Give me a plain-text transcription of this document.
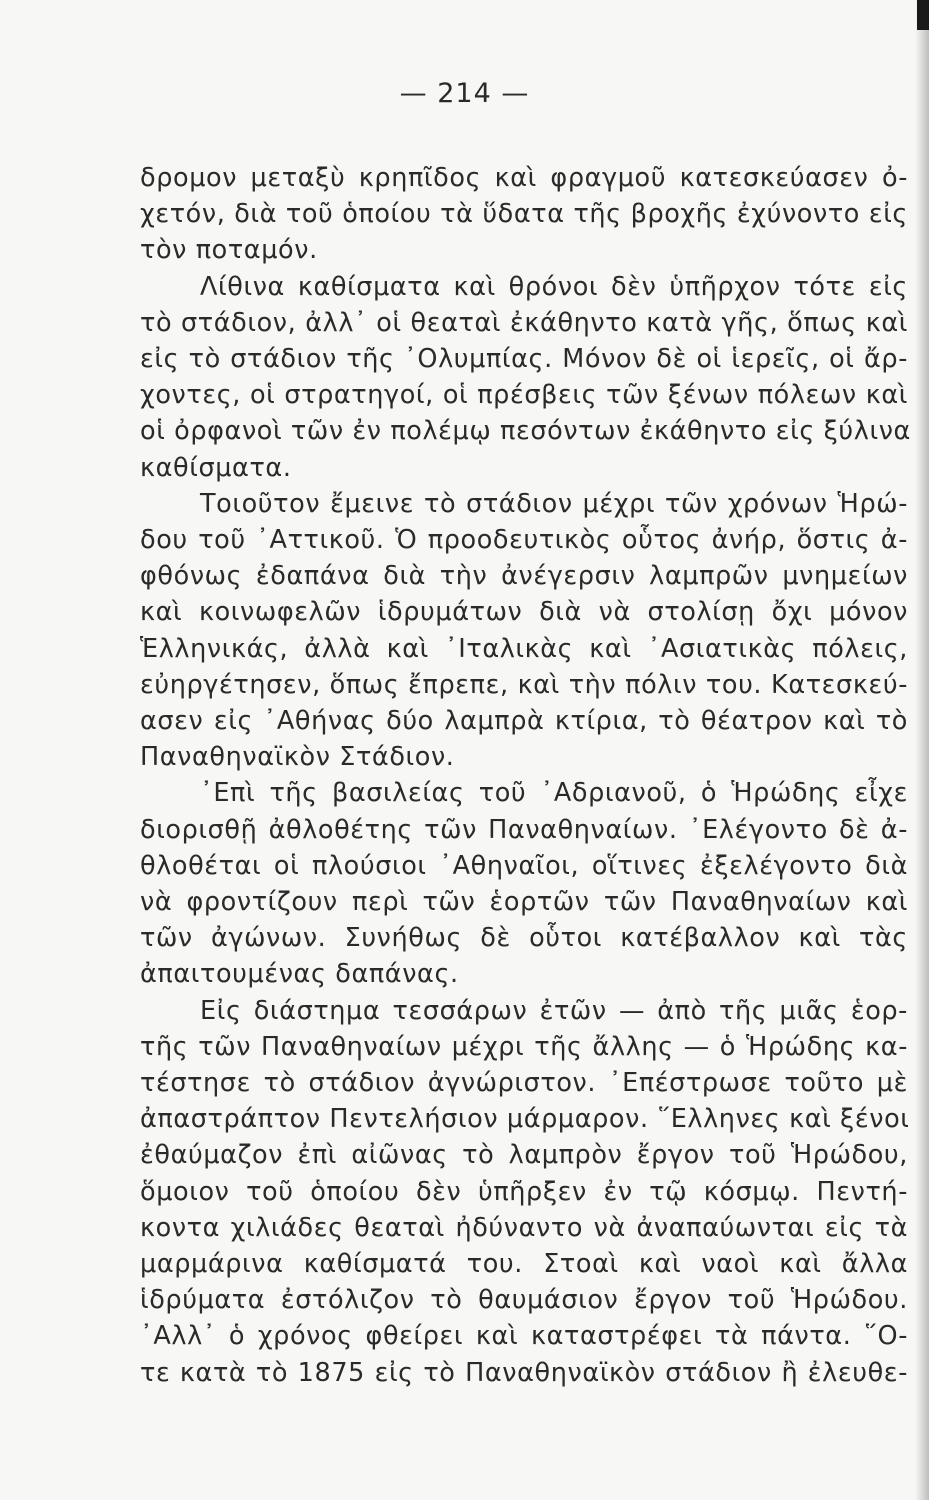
— 214 —
δρομον μεταξὺ κρηπῖδος καὶ φραγμοῦ κατεσκεύασεν ὀ-
χετόν, διὰ τοῦ ὁποίου τὰ ὕδατα τῆς βροχῆς ἐχύνοντο εἰς
τὸν ποταμόν.
Λίθινα καθίσματα καὶ θρόνοι δὲν ὑπῆρχον τότε εἰς
τὸ στάδιον, ἀλλ᾽ οἱ θεαταὶ ἐκάθηντο κατὰ γῆς, ὅπως καὶ
εἰς τὸ στάδιον τῆς ᾿Ολυμπίας. Μόνον δὲ οἱ ἱερεῖς, οἱ ἄρ-
χοντες, οἱ στρατηγοί, οἱ πρέσβεις τῶν ξένων πόλεων καὶ
οἱ ὀρφανοὶ τῶν ἐν πολέμῳ πεσόντων ἐκάθηντο εἰς ξύλινα
καθίσματα.
Τοιοῦτον ἔμεινε τὸ στάδιον μέχρι τῶν χρόνων Ἡρώ-
δου τοῦ ᾿Αττικοῦ. Ὁ προοδευτικὸς οὗτος ἀνήρ, ὅστις ἀ-
φθόνως ἐδαπάνα διὰ τὴν ἀνέγερσιν λαμπρῶν μνημείων
καὶ κοινωφελῶν ἱδρυμάτων διὰ νὰ στολίσῃ ὄχι μόνον
Ἑλληνικάς, ἀλλὰ καὶ ᾿Ιταλικὰς καὶ ᾿Ασιατικὰς πόλεις,
εὐηργέτησεν, ὅπως ἔπρεπε, καὶ τὴν πόλιν του. Κατεσκεύ-
ασεν εἰς ᾿Αθήνας δύο λαμπρὰ κτίρια, τὸ θέατρον καὶ τὸ
Παναθηναϊκὸν Στάδιον.
᾿Επὶ τῆς βασιλείας τοῦ ᾿Αδριανοῦ, ὁ Ἡρώδης εἶχε
διορισθῇ ἀθλοθέτης τῶν Παναθηναίων. ᾿Ελέγοντο δὲ ἀ-
θλοθέται οἱ πλούσιοι ᾿Αθηναῖοι, οἵτινες ἐξελέγοντο διὰ
νὰ φροντίζουν περὶ τῶν ἑορτῶν τῶν Παναθηναίων καὶ
τῶν ἀγώνων. Συνήθως δὲ οὗτοι κατέβαλλον καὶ τὰς
ἀπαιτουμένας δαπάνας.
Εἰς διάστημα τεσσάρων ἐτῶν — ἀπὸ τῆς μιᾶς ἑορ-
τῆς τῶν Παναθηναίων μέχρι τῆς ἄλλης — ὁ Ἡρώδης κα-
τέστησε τὸ στάδιον ἀγνώριστον. ᾿Επέστρωσε τοῦτο μὲ
ἀπαστράπτον Πεντελήσιον μάρμαρον. ῞Ελληνες καὶ ξένοι
ἐθαύμαζον ἐπὶ αἰῶνας τὸ λαμπρὸν ἔργον τοῦ Ἡρώδου,
ὅμοιον τοῦ ὁποίου δὲν ὑπῆρξεν ἐν τῷ κόσμῳ. Πεντή-
κοντα χιλιάδες θεαταὶ ἠδύναντο νὰ ἀναπαύωνται εἰς τὰ
μαρμάρινα καθίσματά του. Στοαὶ καὶ ναοὶ καὶ ἄλλα
ἱδρύματα ἐστόλιζον τὸ θαυμάσιον ἔργον τοῦ Ἡρώδου.
᾿Αλλ᾽ ὁ χρόνος φθείρει καὶ καταστρέφει τὰ πάντα. ῞Ο-
τε κατὰ τὸ 1875 εἰς τὸ Παναθηναϊκὸν στάδιον ἢ ἐλευθε-
